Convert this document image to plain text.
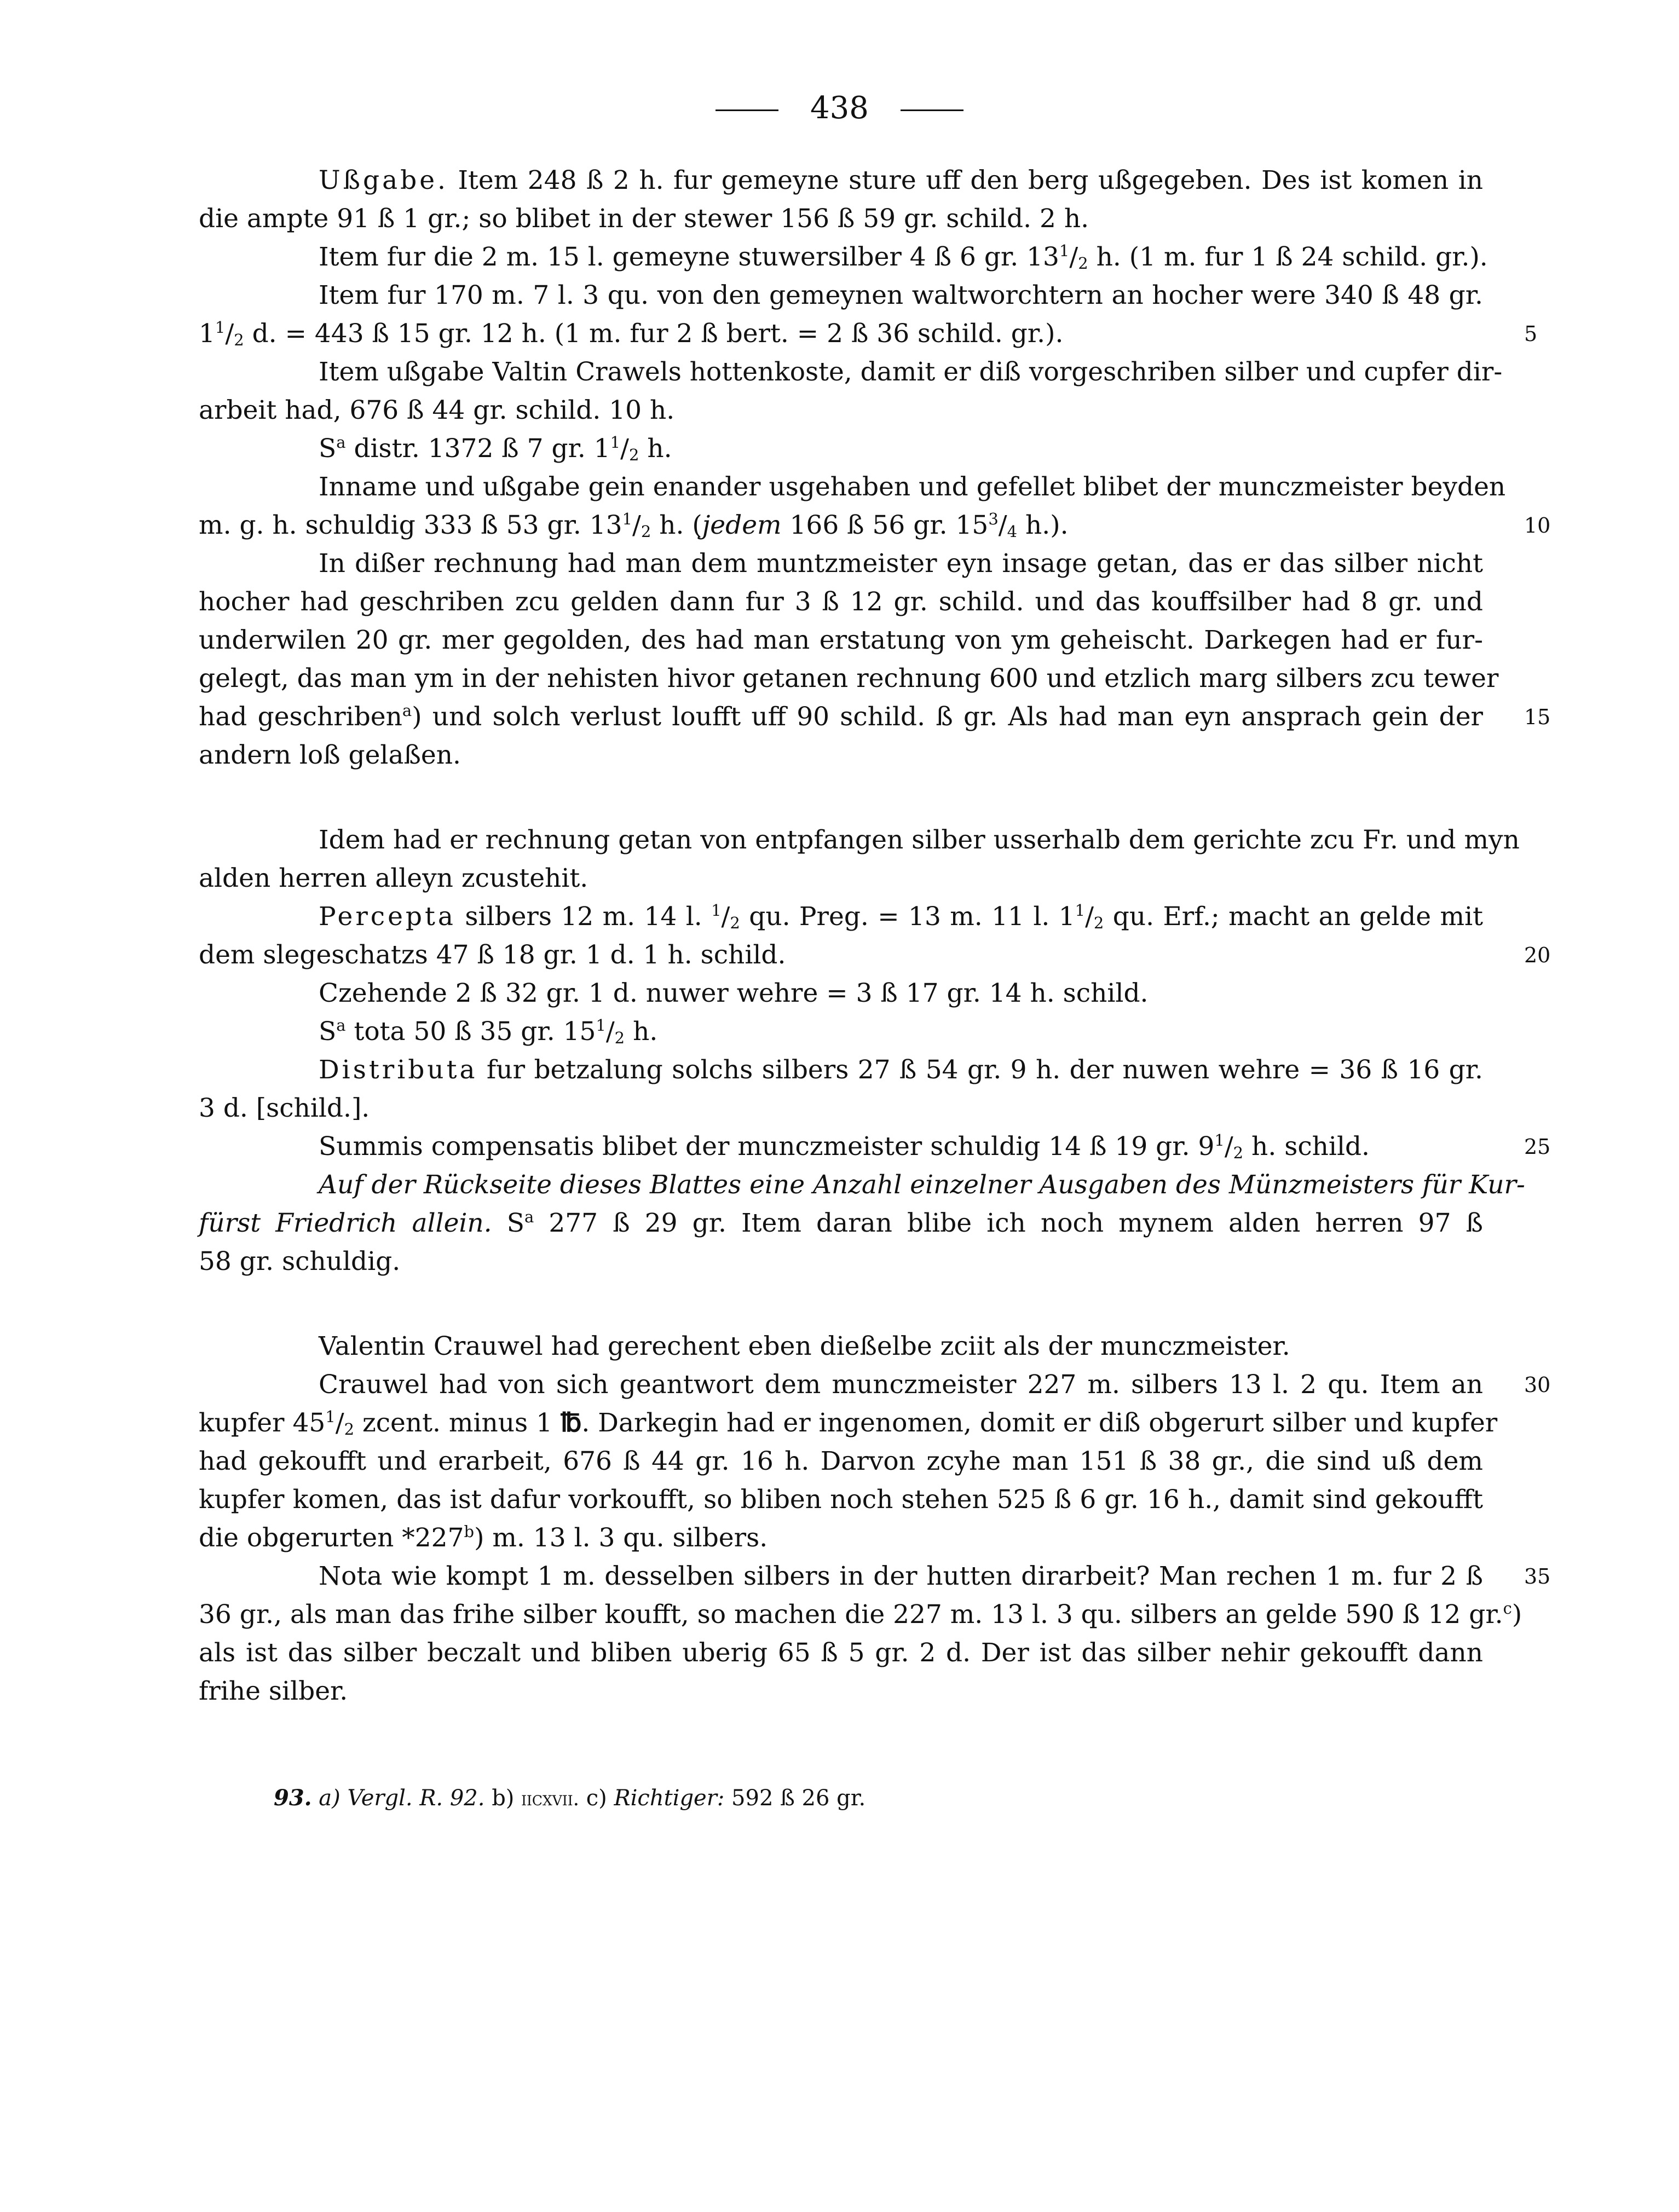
438
Ußgabe. Item 248 ß 2 h. fur gemeyne sture uff den berg ußgegeben. Des ist komen in
die ampte 91 ß 1 gr.; so blibet in der stewer 156 ß 59 gr. schild. 2 h.
Item fur die 2 m. 15 l. gemeyne stuwersilber 4 ß 6 gr. $13^1/_2$ h. (1 m. fur 1 ß 24 schild. gr.).
Item fur 170 m. 7 l. 3 qu. von den gemeynen waltworchtern an hocher were 340 ß 48 gr.
$1^1/_2$ d. = 443 ß 15 gr. 12 h. (1 m. fur 2 ß bert. = 2 ß 36 schild. gr.).
Item ußgabe Valtin Crawels hottenkoste, damit er diß vorgeschriben silber und cupfer dir-
arbeit had, 676 ß 44 gr. schild. 10 h.
$S^a$ distr. 1372 ß 7 gr. $1^1/_2$ h.
Inname und ußgabe gein enander usgehaben und gefellet blibet der munczmeister beyden
m. g. h. schuldig 333 ß 53 gr. $13^1/_2$ h. (jedem 166 ß 56 gr. $15^3/_4$ h.).
In dißer rechnung had man dem muntzmeister eyn insage getan, das er das silber nicht
hocher had geschriben zcu gelden dann fur 3 ß 12 gr. schild. und das kouffsilber had 8 gr. und
underwilen 20 gr. mer gegolden, des had man erstatung von ym geheischt. Darkegen had er fur-
gelegt, das man ym in der nehisten hivor getanen rechnung 600 und etzlich marg silbers zcu tewer
had geschriben$^a$) und solch verlust loufft uff 90 schild. ß gr. Als had man eyn ansprach gein der
andern loß gelaßen.
Idem had er rechnung getan von entpfangen silber usserhalb dem gerichte zcu Fr. und myn
alden herren alleyn zcustehit.
Percepta silbers 12 m. 14 l. $^1/_2$ qu. Preg. = 13 m. 11 l. $1^1/_2$ qu. Erf.; macht an gelde mit
dem slegeschatzs 47 ß 18 gr. 1 d. 1 h. schild.
Czehende 2 ß 32 gr. 1 d. nuwer wehre = 3 ß 17 gr. 14 h. schild.
$S^a$ tota 50 ß 35 gr. $15^1/_2$ h.
Distributa fur betzalung solchs silbers 27 ß 54 gr. 9 h. der nuwen wehre = 36 ß 16 gr.
3 d. [schild.].
Summis compensatis blibet der munczmeister schuldig 14 ß 19 gr. $9^1/_2$ h. schild.
Auf der Rückseite dieses Blattes eine Anzahl einzelner Ausgaben des Münzmeisters für Kur-
fürst Friedrich allein. $S^a$ 277 ß 29 gr. Item daran blibe ich noch mynem alden herren 97 ß
58 gr. schuldig.
Valentin Crauwel had gerechent eben dießelbe zciit als der munczmeister.
Crauwel had von sich geantwort dem munczmeister 227 m. silbers 13 l. 2 qu. Item an
kupfer $45^1/_2$ zcent. minus 1 ℔. Darkegin had er ingenomen, domit er diß obgerurt silber und kupfer
had gekoufft und erarbeit, 676 ß 44 gr. 16 h. Darvon zcyhe man 151 ß 38 gr., die sind uß dem
kupfer komen, das ist dafur vorkoufft, so bliben noch stehen 525 ß 6 gr. 16 h., damit sind gekoufft
die obgerurten *227$^b$) m. 13 l. 3 qu. silbers.
Nota wie kompt 1 m. desselben silbers in der hutten dirarbeit? Man rechen 1 m. fur 2 ß
36 gr., als man das frihe silber koufft, so machen die 227 m. 13 l. 3 qu. silbers an gelde 590 ß 12 gr.$^c$)
als ist das silber beczalt und bliben uberig 65 ß 5 gr. 2 d. Der ist das silber nehir gekoufft dann
frihe silber.
5
10
15
20
25
30
35
93. a) Vergl. R. 92. b) iicxvii. c) Richtiger: 592 ß 26 gr.
